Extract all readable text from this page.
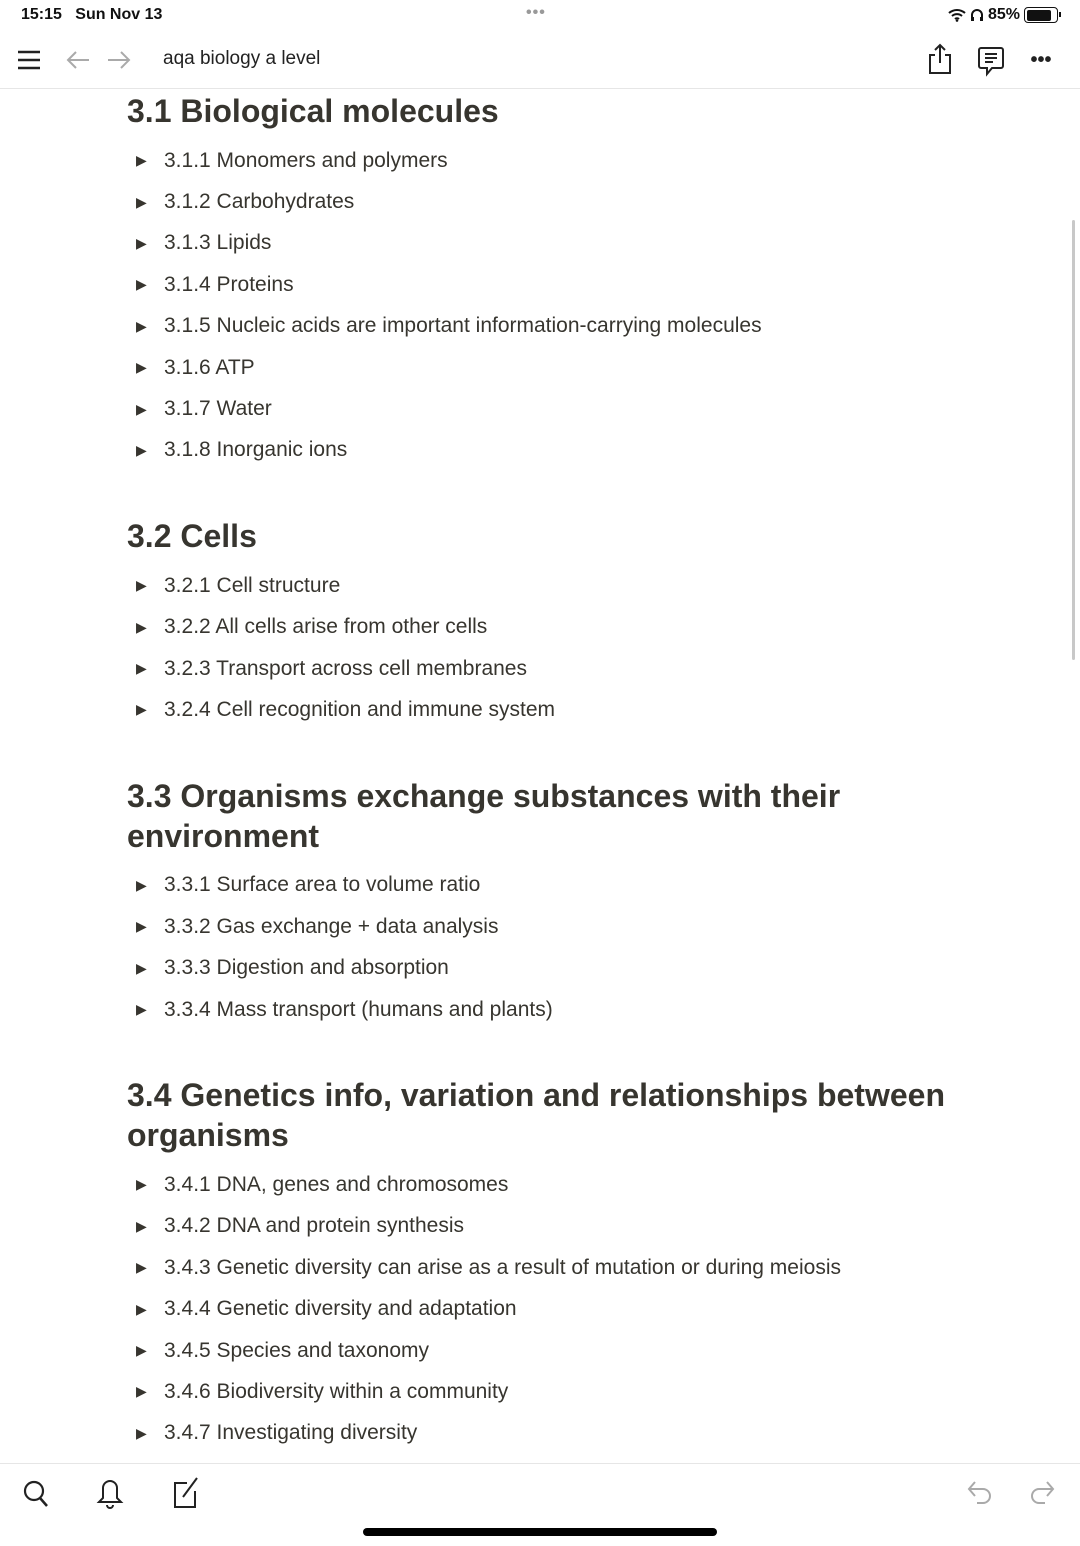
15:15 Sun Nov 13	•••	85%
aqa biology a level	•••
3.1 Biological molecules
▶ 3.1.1 Monomers and polymers
▶ 3.1.2 Carbohydrates
▶ 3.1.3 Lipids
▶ 3.1.4 Proteins
▶ 3.1.5 Nucleic acids are important information-carrying molecules
▶ 3.1.6 ATP
▶ 3.1.7 Water
▶ 3.1.8 Inorganic ions
3.2 Cells
▶ 3.2.1 Cell structure
▶ 3.2.2 All cells arise from other cells
▶ 3.2.3 Transport across cell membranes
▶ 3.2.4 Cell recognition and immune system
3.3 Organisms exchange substances with their environment
▶ 3.3.1 Surface area to volume ratio
▶ 3.3.2 Gas exchange + data analysis
▶ 3.3.3 Digestion and absorption
▶ 3.3.4 Mass transport (humans and plants)
3.4 Genetics info, variation and relationships between organisms
▶ 3.4.1 DNA, genes and chromosomes
▶ 3.4.2 DNA and protein synthesis
▶ 3.4.3 Genetic diversity can arise as a result of mutation or during meiosis
▶ 3.4.4 Genetic diversity and adaptation
▶ 3.4.5 Species and taxonomy
▶ 3.4.6 Biodiversity within a community
▶ 3.4.7 Investigating diversity
